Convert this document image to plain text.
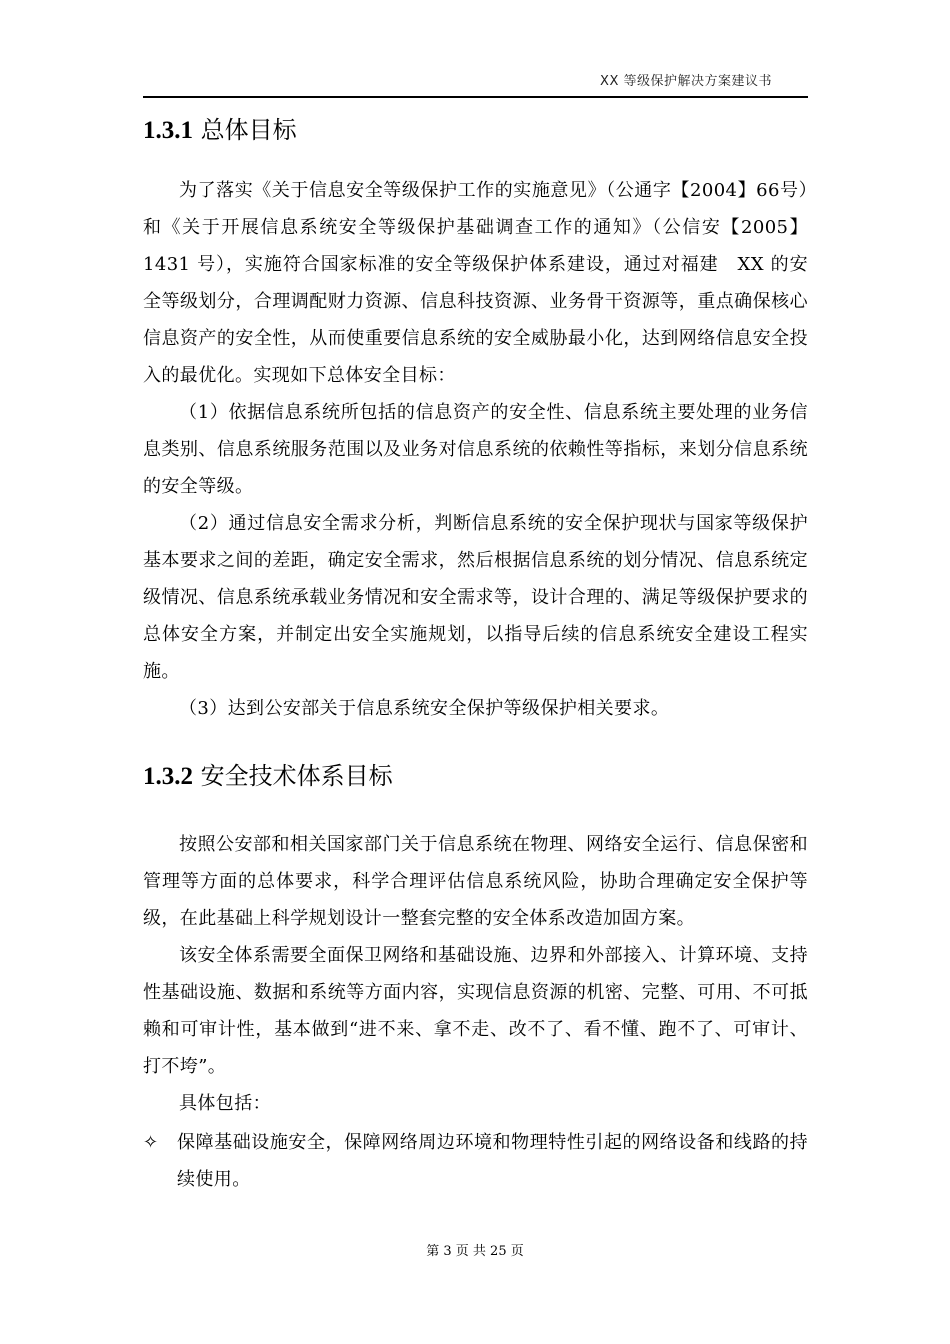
XX 等级保护解决方案建议书
1.3.1 总体目标

为了落实《关于信息安全等级保护工作的实施意见》（公通字【2004】66号）和《关于开展信息系统安全等级保护基础调查工作的通知》（公信安【2005】1431 号），实施符合国家标准的安全等级保护体系建设，通过对福建　XX 的安全等级划分，合理调配财力资源、信息科技资源、业务骨干资源等，重点确保核心信息资产的安全性，从而使重要信息系统的安全威胁最小化，达到网络信息安全投入的最优化。实现如下总体安全目标：

（1）依据信息系统所包括的信息资产的安全性、信息系统主要处理的业务信息类别、信息系统服务范围以及业务对信息系统的依赖性等指标，来划分信息系统的安全等级。

（2）通过信息安全需求分析，判断信息系统的安全保护现状与国家等级保护基本要求之间的差距，确定安全需求，然后根据信息系统的划分情况、信息系统定级情况、信息系统承载业务情况和安全需求等，设计合理的、满足等级保护要求的总体安全方案，并制定出安全实施规划，以指导后续的信息系统安全建设工程实施。

（3）达到公安部关于信息系统安全保护等级保护相关要求。

1.3.2 安全技术体系目标

按照公安部和相关国家部门关于信息系统在物理、网络安全运行、信息保密和管理等方面的总体要求，科学合理评估信息系统风险，协助合理确定安全保护等级，在此基础上科学规划设计一整套完整的安全体系改造加固方案。

该安全体系需要全面保卫网络和基础设施、边界和外部接入、计算环境、支持性基础设施、数据和系统等方面内容，实现信息资源的机密、完整、可用、不可抵赖和可审计性，基本做到“进不来、拿不走、改不了、看不懂、跑不了、可审计、打不垮”。

具体包括：

✧ 保障基础设施安全，保障网络周边环境和物理特性引起的网络设备和线路的持续使用。

第 3 页 共 25 页
